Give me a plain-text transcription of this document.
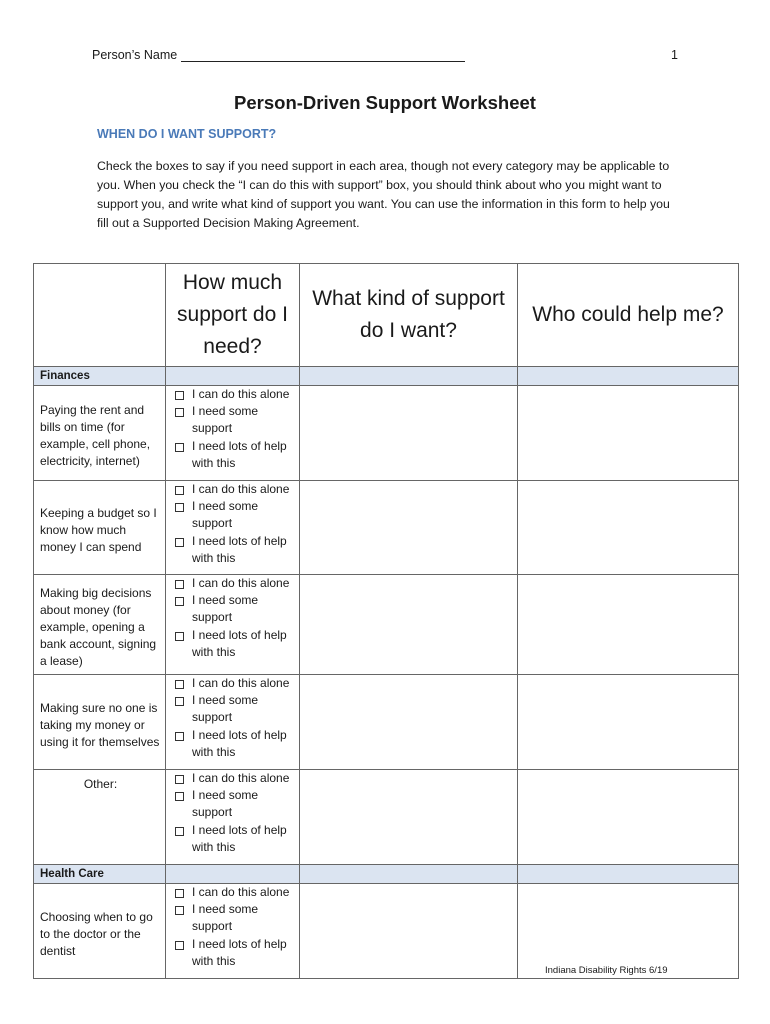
Person’s Name	1
Person-Driven Support Worksheet
WHEN DO I WANT SUPPORT?
Check the boxes to say if you need support in each area, though not every category may be applicable to you. When you check the “I can do this with support” box, you should think about who you might want to support you, and write what kind of support you want. You can use the information in this form to help you fill out a Supported Decision Making Agreement.
	How much support do I need?	What kind of support do I want?	Who could help me?
Finances			
Paying the rent and bills on time (for example, cell phone, electricity, internet)	I can do this alone
I need some support
I need lots of help with this		

Keeping a budget so I know how much money I can spend	I can do this alone
I need some support
I need lots of help with this		

Making big decisions about money (for example, opening a bank account, signing a lease)	I can do this alone
I need some support
I need lots of help with this		

Making sure no one is taking my money or using it for themselves	I can do this alone
I need some support
I need lots of help with this		

Other:	I can do this alone
I need some support
I need lots of help with this		

Health Care			
Choosing when to go to the doctor or the dentist	I can do this alone
I need some support
I need lots of help with this		

Indiana Disability Rights 6/19
